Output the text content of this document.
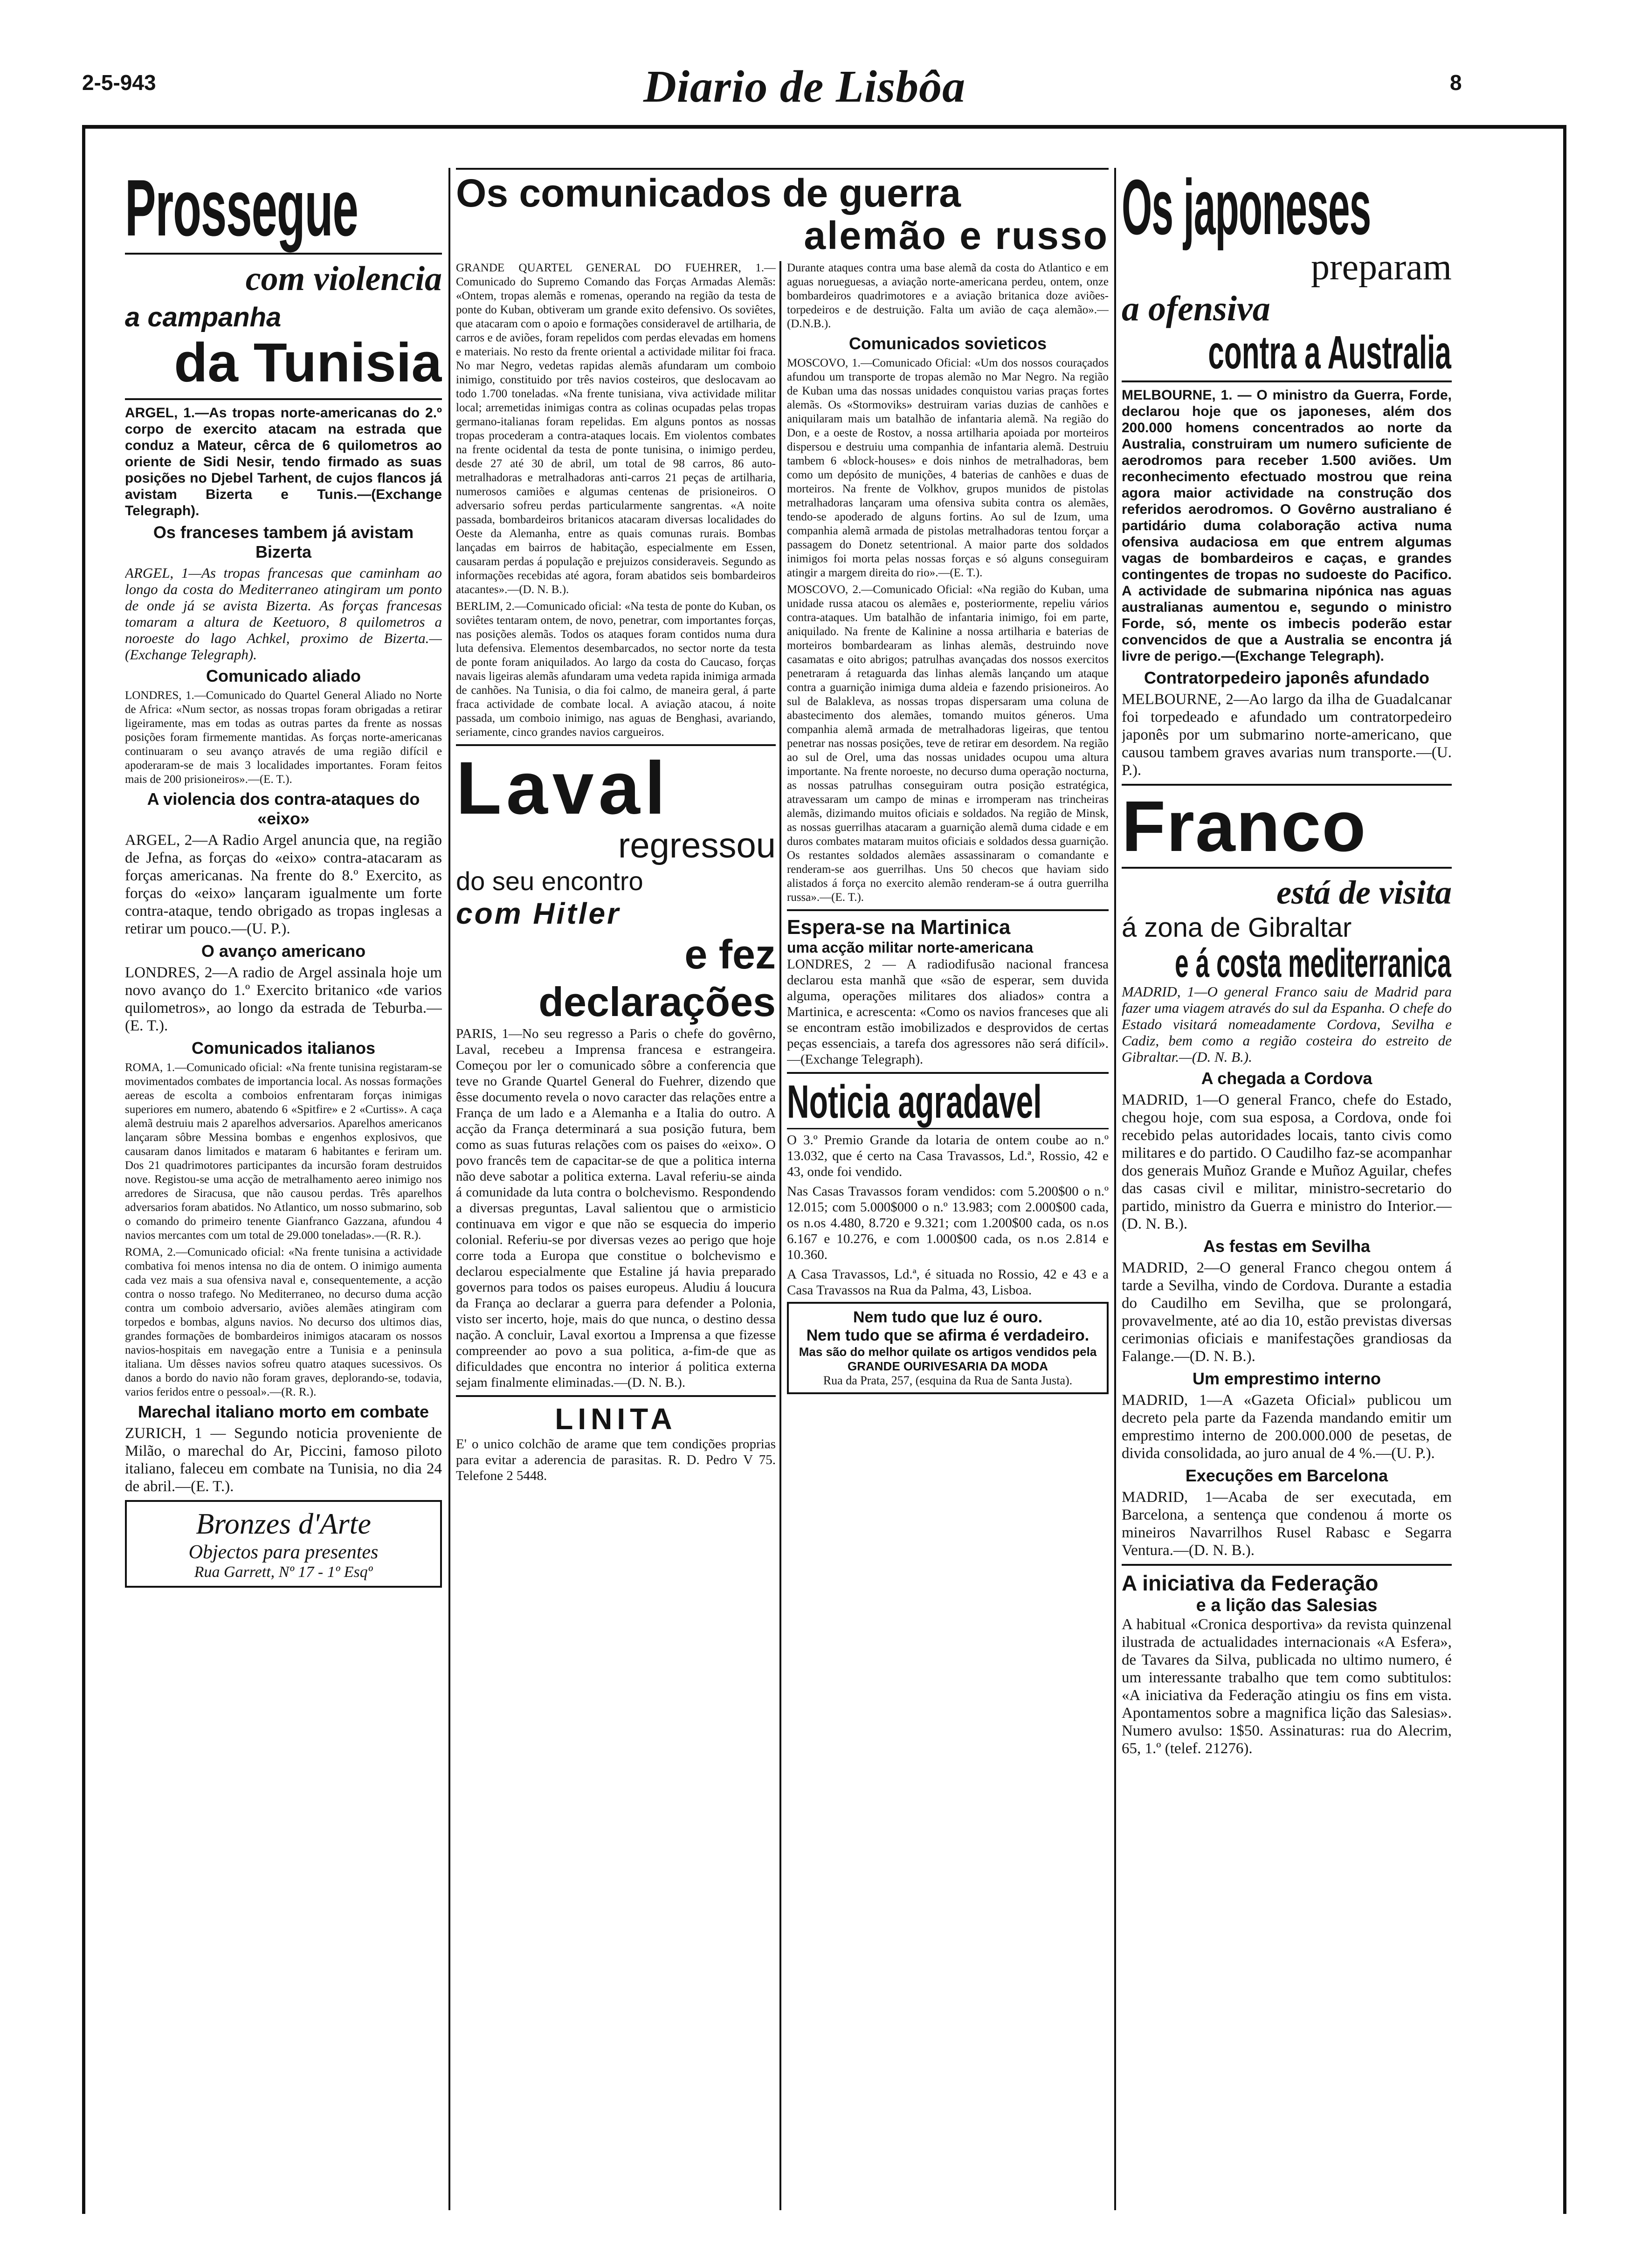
2-5-943	Diario de Lisbôa	8
Prossegue
com violencia
a campanha
da Tunisia

ARGEL, 1.—As tropas norte-americanas do 2.º corpo de exercito atacam na estrada que conduz a Mateur, cêrca de 6 quilometros ao oriente de Sidi Nesir, tendo firmado as suas posições no Djebel Tarhent, de cujos flancos já avistam Bizerta e Tunis.—(Exchange Telegraph).

Os franceses tambem já avistam Bizerta

ARGEL, 1—As tropas francesas que caminham ao longo da costa do Mediterraneo atingiram um ponto de onde já se avista Bizerta. As forças francesas tomaram a altura de Keetuoro, 8 quilometros a noroeste do lago Achkel, proximo de Bizerta.—(Exchange Telegraph).

Comunicado aliado

LONDRES, 1.—Comunicado do Quartel General Aliado no Norte de Africa: «Num sector, as nossas tropas foram obrigadas a retirar ligeiramente, mas em todas as outras partes da frente as nossas posições foram firmemente mantidas. As forças norte-americanas continuaram o seu avanço através de uma região difícil e apoderaram-se de mais 3 localidades importantes. Foram feitos mais de 200 prisioneiros».—(E. T.).

A violencia dos contra-ataques do «eixo»

ARGEL, 2—A Radio Argel anuncia que, na região de Jefna, as forças do «eixo» contra-atacaram as forças americanas. Na frente do 8.º Exercito, as forças do «eixo» lançaram igualmente um forte contra-ataque, tendo obrigado as tropas inglesas a retirar um pouco.—(U. P.).

O avanço americano

LONDRES, 2—A radio de Argel assinala hoje um novo avanço do 1.º Exercito britanico «de varios quilometros», ao longo da estrada de Teburba.—(E. T.).

Comunicados italianos

ROMA, 1.—Comunicado oficial: «Na frente tunisina registaram-se movimentados combates de importancia local. As nossas formações aereas de escolta a comboios enfrentaram forças inimigas superiores em numero, abatendo 6 «Spitfire» e 2 «Curtiss». A caça alemã destruiu mais 2 aparelhos adversarios. Aparelhos americanos lançaram sôbre Messina bombas e engenhos explosivos, que causaram danos limitados e mataram 6 habitantes e feriram um. Dos 21 quadrimotores participantes da incursão foram destruidos nove. Registou-se uma acção de metralhamento aereo inimigo nos arredores de Siracusa, que não causou perdas. Três aparelhos adversarios foram abatidos. No Atlantico, um nosso submarino, sob o comando do primeiro tenente Gianfranco Gazzana, afundou 4 navios mercantes com um total de 29.000 toneladas».—(R. R.).

ROMA, 2.—Comunicado oficial: «Na frente tunisina a actividade combativa foi menos intensa no dia de ontem. O inimigo aumenta cada vez mais a sua ofensiva naval e, consequentemente, a acção contra o nosso trafego. No Mediterraneo, no decurso duma acção contra um comboio adversario, aviões alemães atingiram com torpedos e bombas, alguns navios. No decurso dos ultimos dias, grandes formações de bombardeiros inimigos atacaram os nossos navios-hospitais em navegação entre a Tunisia e a peninsula italiana. Um dêsses navios sofreu quatro ataques sucessivos. Os danos a bordo do navio não foram graves, deplorando-se, todavia, varios feridos entre o pessoal».—(R. R.).

Marechal italiano morto em combate

ZURICH, 1 — Segundo noticia proveniente de Milão, o marechal do Ar, Piccini, famoso piloto italiano, faleceu em combate na Tunisia, no dia 24 de abril.—(E. T.).

Bronzes d'Arte
Objectos para presentes
Rua Garrett, Nº 17 - 1º Esqº
Os comunicados de guerra
alemão e russo

GRANDE QUARTEL GENERAL DO FUEHRER, 1.—Comunicado do Supremo Comando das Forças Armadas Alemãs: «Ontem, tropas alemãs e romenas, operando na região da testa de ponte do Kuban, obtiveram um grande exito defensivo. Os soviêtes, que atacaram com o apoio e formações consideravel de artilharia, de carros e de aviões, foram repelidos com perdas elevadas em homens e materiais. No resto da frente oriental a actividade militar foi fraca. No mar Negro, vedetas rapidas alemãs afundaram um comboio inimigo, constituido por três navios costeiros, que deslocavam ao todo 1.700 toneladas. «Na frente tunisiana, viva actividade militar local; arremetidas inimigas contra as colinas ocupadas pelas tropas germano-italianas foram repelidas. Em alguns pontos as nossas tropas procederam a contra-ataques locais. Em violentos combates na frente ocidental da testa de ponte tunisina, o inimigo perdeu, desde 27 até 30 de abril, um total de 98 carros, 86 auto-metralhadoras e metralhadoras anti-carros 21 peças de artilharia, numerosos camiões e algumas centenas de prisioneiros. O adversario sofreu perdas particularmente sangrentas. «A noite passada, bombardeiros britanicos atacaram diversas localidades do Oeste da Alemanha, entre as quais comunas rurais. Bombas lançadas em bairros de habitação, especialmente em Essen, causaram perdas á população e prejuizos consideraveis. Segundo as informações recebidas até agora, foram abatidos seis bombardeiros atacantes».—(D. N. B.).

BERLIM, 2.—Comunicado oficial: «Na testa de ponte do Kuban, os soviêtes tentaram ontem, de novo, penetrar, com importantes forças, nas posições alemãs. Todos os ataques foram contidos numa dura luta defensiva. Elementos desembarcados, no sector norte da testa de ponte foram aniquilados. Ao largo da costa do Caucaso, forças navais ligeiras alemãs afundaram uma vedeta rapida inimiga armada de canhões. Na Tunisia, o dia foi calmo, de maneira geral, á parte fraca actividade de combate local. A aviação atacou, á noite passada, um comboio inimigo, nas aguas de Benghasi, avariando, seriamente, cinco grandes navios cargueiros.

Laval
regressou
do seu encontro
com Hitler
e fez declarações

PARIS, 1—No seu regresso a Paris o chefe do govêrno, Laval, recebeu a Imprensa francesa e estrangeira. Começou por ler o comunicado sôbre a conferencia que teve no Grande Quartel General do Fuehrer, dizendo que êsse documento revela o novo caracter das relações entre a França de um lado e a Alemanha e a Italia do outro. A acção da França determinará a sua posição futura, bem como as suas futuras relações com os paises do «eixo». O povo francês tem de capacitar-se de que a politica interna não deve sabotar a politica externa. Laval referiu-se ainda á comunidade da luta contra o bolchevismo. Respondendo a diversas preguntas, Laval salientou que o armisticio continuava em vigor e que não se esquecia do imperio colonial. Referiu-se por diversas vezes ao perigo que hoje corre toda a Europa que constitue o bolchevismo e declarou especialmente que Estaline já havia preparado governos para todos os paises europeus. Aludiu á loucura da França ao declarar a guerra para defender a Polonia, visto ser incerto, hoje, mais do que nunca, o destino dessa nação. A concluir, Laval exortou a Imprensa a que fizesse compreender ao povo a sua politica, a-fim-de que as dificuldades que encontra no interior á politica externa sejam finalmente eliminadas.—(D. N. B.).

LINITA

E' o unico colchão de arame que tem condições proprias para evitar a aderencia de parasitas. R. D. Pedro V 75. Telefone 2 5448.

Durante ataques contra uma base alemã da costa do Atlantico e em aguas norueguesas, a aviação norte-americana perdeu, ontem, onze bombardeiros quadrimotores e a aviação britanica doze aviões-torpedeiros e de destruição. Falta um avião de caça alemão».—(D.N.B.).

Comunicados sovieticos

MOSCOVO, 1.—Comunicado Oficial: «Um dos nossos couraçados afundou um transporte de tropas alemão no Mar Negro. Na região de Kuban uma das nossas unidades conquistou varias praças fortes alemãs. Os «Stormoviks» destruiram varias duzias de canhões e aniquilaram mais um batalhão de infantaria alemã. Na região do Don, e a oeste de Rostov, a nossa artilharia apoiada por morteiros dispersou e destruiu uma companhia de infantaria alemã. Destruiu tambem 6 «block-houses» e dois ninhos de metralhadoras, bem como um depósito de munições, 4 baterias de canhões e duas de morteiros. Na frente de Volkhov, grupos munidos de pistolas metralhadoras lançaram uma ofensiva subita contra os alemães, tendo-se apoderado de alguns fortins. Ao sul de Izum, uma companhia alemã armada de pistolas metralhadoras tentou forçar a passagem do Donetz setentrional. A maior parte dos soldados inimigos foi morta pelas nossas forças e só alguns conseguiram atingir a margem direita do rio».—(E. T.).

MOSCOVO, 2.—Comunicado Oficial: «Na região do Kuban, uma unidade russa atacou os alemães e, posteriormente, repeliu vários contra-ataques. Um batalhão de infantaria inimigo, foi em parte, aniquilado. Na frente de Kalinine a nossa artilharia e baterias de morteiros bombardearam as linhas alemãs, destruindo nove casamatas e oito abrigos; patrulhas avançadas dos nossos exercitos penetraram á retaguarda das linhas alemãs lançando um ataque contra a guarnição inimiga duma aldeia e fazendo prisioneiros. Ao sul de Balakleva, as nossas tropas dispersaram uma coluna de abastecimento dos alemães, tomando muitos géneros. Uma companhia alemã armada de metralhadoras ligeiras, que tentou penetrar nas nossas posições, teve de retirar em desordem. Na região ao sul de Orel, uma das nossas unidades ocupou uma altura importante. Na frente noroeste, no decurso duma operação nocturna, as nossas patrulhas conseguiram outra posição estratégica, atravessaram um campo de minas e irromperam nas trincheiras alemãs, dizimando muitos oficiais e soldados. Na região de Minsk, as nossas guerrilhas atacaram a guarnição alemã duma cidade e em duros combates mataram muitos oficiais e soldados dessa guarnição. Os restantes soldados alemães assassinaram o comandante e renderam-se aos guerrilhas. Uns 50 checos que haviam sido alistados á força no exercito alemão renderam-se á outra guerrilha russa».—(E. T.).

Espera-se na Martinica
uma acção militar norte-americana

LONDRES, 2 — A radiodifusão nacional francesa declarou esta manhã que «são de esperar, sem duvida alguma, operações militares dos aliados» contra a Martinica, e acrescenta: «Como os navios franceses que ali se encontram estão imobilizados e desprovidos de certas peças essenciais, a tarefa dos agressores não será difícil».—(Exchange Telegraph).

Noticia agradavel

O 3.º Premio Grande da lotaria de ontem coube ao n.º 13.032, que é certo na Casa Travassos, Ld.ª, Rossio, 42 e 43, onde foi vendido.

Nas Casas Travassos foram vendidos: com 5.200$00 o n.º 12.015; com 5.000$000 o n.º 13.983; com 2.000$00 cada, os n.os 4.480, 8.720 e 9.321; com 1.200$00 cada, os n.os 6.167 e 10.276, e com 1.000$00 cada, os n.os 2.814 e 10.360.

A Casa Travassos, Ld.ª, é situada no Rossio, 42 e 43 e a Casa Travassos na Rua da Palma, 43, Lisboa.

Nem tudo que luz é ouro.
Nem tudo que se afirma é verdadeiro.
Mas são do melhor quilate os artigos vendidos pela GRANDE OURIVESARIA DA MODA
Rua da Prata, 257, (esquina da Rua de Santa Justa).
Os japoneses
preparam
a ofensiva
contra a Australia

MELBOURNE, 1. — O ministro da Guerra, Forde, declarou hoje que os japoneses, além dos 200.000 homens concentrados ao norte da Australia, construiram um numero suficiente de aerodromos para receber 1.500 aviões. Um reconhecimento efectuado mostrou que reina agora maior actividade na construção dos referidos aerodromos. O Govêrno australiano é partidário duma colaboração activa numa ofensiva audaciosa em que entrem algumas vagas de bombardeiros e caças, e grandes contingentes de tropas no sudoeste do Pacifico. A actividade de submarina nipónica nas aguas australianas aumentou e, segundo o ministro Forde, só, mente os imbecis poderão estar convencidos de que a Australia se encontra já livre de perigo.—(Exchange Telegraph).

Contratorpedeiro japonês afundado

MELBOURNE, 2—Ao largo da ilha de Guadalcanar foi torpedeado e afundado um contratorpedeiro japonês por um submarino norte-americano, que causou tambem graves avarias num transporte.—(U. P.).

Franco
está de visita
á zona de Gibraltar
e á costa mediterranica

MADRID, 1—O general Franco saiu de Madrid para fazer uma viagem através do sul da Espanha. O chefe do Estado visitará nomeadamente Cordova, Sevilha e Cadiz, bem como a região costeira do estreito de Gibraltar.—(D. N. B.).

A chegada a Cordova

MADRID, 1—O general Franco, chefe do Estado, chegou hoje, com sua esposa, a Cordova, onde foi recebido pelas autoridades locais, tanto civis como militares e do partido. O Caudilho faz-se acompanhar dos generais Muñoz Grande e Muñoz Aguilar, chefes das casas civil e militar, ministro-secretario do partido, ministro da Guerra e ministro do Interior.—(D. N. B.).

As festas em Sevilha

MADRID, 2—O general Franco chegou ontem á tarde a Sevilha, vindo de Cordova. Durante a estadia do Caudilho em Sevilha, que se prolongará, provavelmente, até ao dia 10, estão previstas diversas cerimonias oficiais e manifestações grandiosas da Falange.—(D. N. B.).

Um emprestimo interno

MADRID, 1—A «Gazeta Oficial» publicou um decreto pela parte da Fazenda mandando emitir um emprestimo interno de 200.000.000 de pesetas, de divida consolidada, ao juro anual de 4 %.—(U. P.).

Execuções em Barcelona

MADRID, 1—Acaba de ser executada, em Barcelona, a sentença que condenou á morte os mineiros Navarrilhos Rusel Rabasc e Segarra Ventura.—(D. N. B.).

A iniciativa da Federação
e a lição das Salesias

A habitual «Cronica desportiva» da revista quinzenal ilustrada de actualidades internacionais «A Esfera», de Tavares da Silva, publicada no ultimo numero, é um interessante trabalho que tem como subtitulos: «A iniciativa da Federação atingiu os fins em vista. Apontamentos sobre a magnifica lição das Salesias». Numero avulso: 1$50. Assinaturas: rua do Alecrim, 65, 1.º (telef. 21276).
